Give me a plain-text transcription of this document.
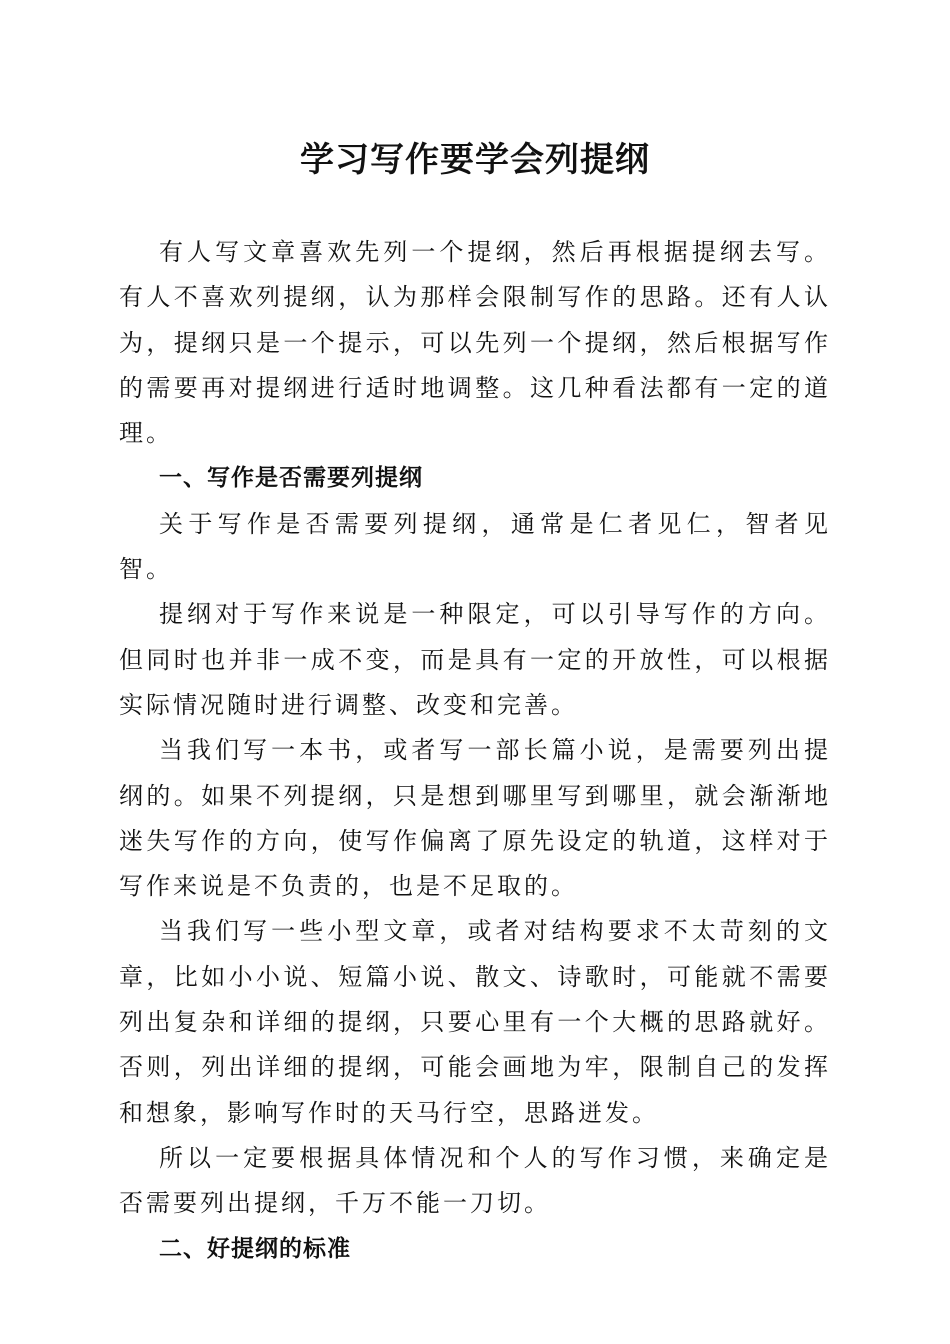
学习写作要学会列提纲

有人写文章喜欢先列一个提纲，然后再根据提纲去写。有人不喜欢列提纲，认为那样会限制写作的思路。还有人认为，提纲只是一个提示，可以先列一个提纲，然后根据写作的需要再对提纲进行适时地调整。这几种看法都有一定的道理。

一、写作是否需要列提纲

关于写作是否需要列提纲，通常是仁者见仁，智者见智。

提纲对于写作来说是一种限定，可以引导写作的方向。但同时也并非一成不变，而是具有一定的开放性，可以根据实际情况随时进行调整、改变和完善。

当我们写一本书，或者写一部长篇小说，是需要列出提纲的。如果不列提纲，只是想到哪里写到哪里，就会渐渐地迷失写作的方向，使写作偏离了原先设定的轨道，这样对于写作来说是不负责的，也是不足取的。

当我们写一些小型文章，或者对结构要求不太苛刻的文章，比如小小说、短篇小说、散文、诗歌时，可能就不需要列出复杂和详细的提纲，只要心里有一个大概的思路就好。否则，列出详细的提纲，可能会画地为牢，限制自己的发挥和想象，影响写作时的天马行空，思路迸发。

所以一定要根据具体情况和个人的写作习惯，来确定是否需要列出提纲，千万不能一刀切。

二、好提纲的标准
